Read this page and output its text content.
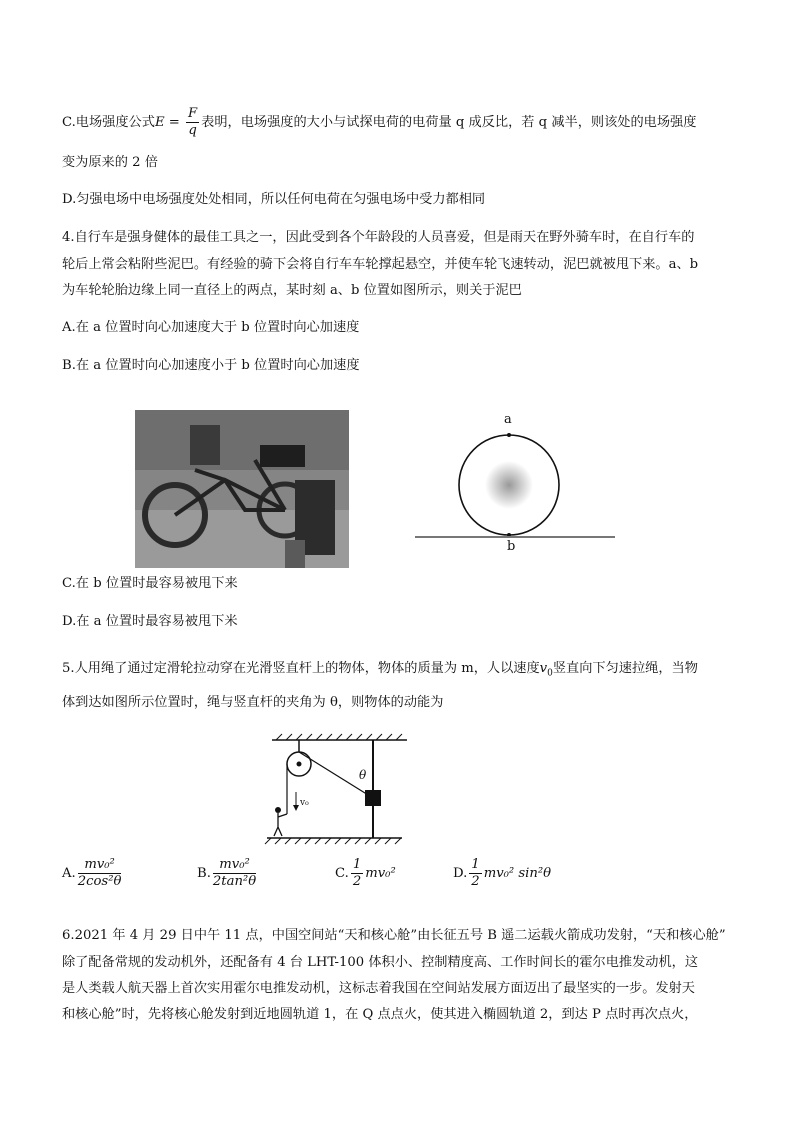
C.电场强度公式$E = \frac{F}{q}$ 表明，电场强度的大小与试探电荷的电荷量 q 成反比，若 q 减半，则该处的电场强度
变为原来的 2 倍
D.匀强电场中电场强度处处相同，所以任何电荷在匀强电场中受力都相同
4.自行车是强身健体的最佳工具之一，因此受到各个年龄段的人员喜爱，但是雨天在野外骑车时，在自行车的
轮后上常会粘附些泥巴。有经验的骑下会将自行车车轮撑起悬空，并使车轮飞速转动，泥巴就被甩下来。a、b
为车轮轮胎边缘上同一直径上的两点，某时刻 a、b 位置如图所示，则关于泥巴
A.在 a 位置时向心加速度大于 b 位置时向心加速度
B.在 a 位置时向心加速度小于 b 位置时向心加速度
a
b
C.在 b 位置时最容易被甩下来
D.在 a 位置时最容易被甩下米
5.人用绳了通过定滑轮拉动穿在光滑竖直杆上的物体，物体的质量为 m，人以速度$v_0$竖直向下匀速拉绳，当物
体到达如图所示位置时，绳与竖直杆的夹角为 θ，则物体的动能为
θ
v₀
A. $\frac{\text{mv₀²}}{\text{2cos²θ}}$	B. $\frac{\text{mv₀²}}{\text{2tan²θ}}$	C. $\frac{1}{2} mv_0^2$	D. $\frac{1}{2} mv_0^2$ sin²θ
6.2021 年 4 月 29 日中午 11 点，中国空间站“天和核心舱”由长征五号 B 遥二运载火箭成功发射，“天和核心舱”
除了配备常规的发动机外，还配备有 4 台 LHT-100 体积小、控制精度高、工作时间长的霍尔电推发动机，这
是人类载人航天器上首次实用霍尔电推发动机，这标志着我国在空间站发展方面迈出了最坚实的一步。发射天
和核心舱”时，先将核心舱发射到近地圆轨道 1，在 Q 点点火，使其进入椭圆轨道 2，到达 P 点时再次点火，
